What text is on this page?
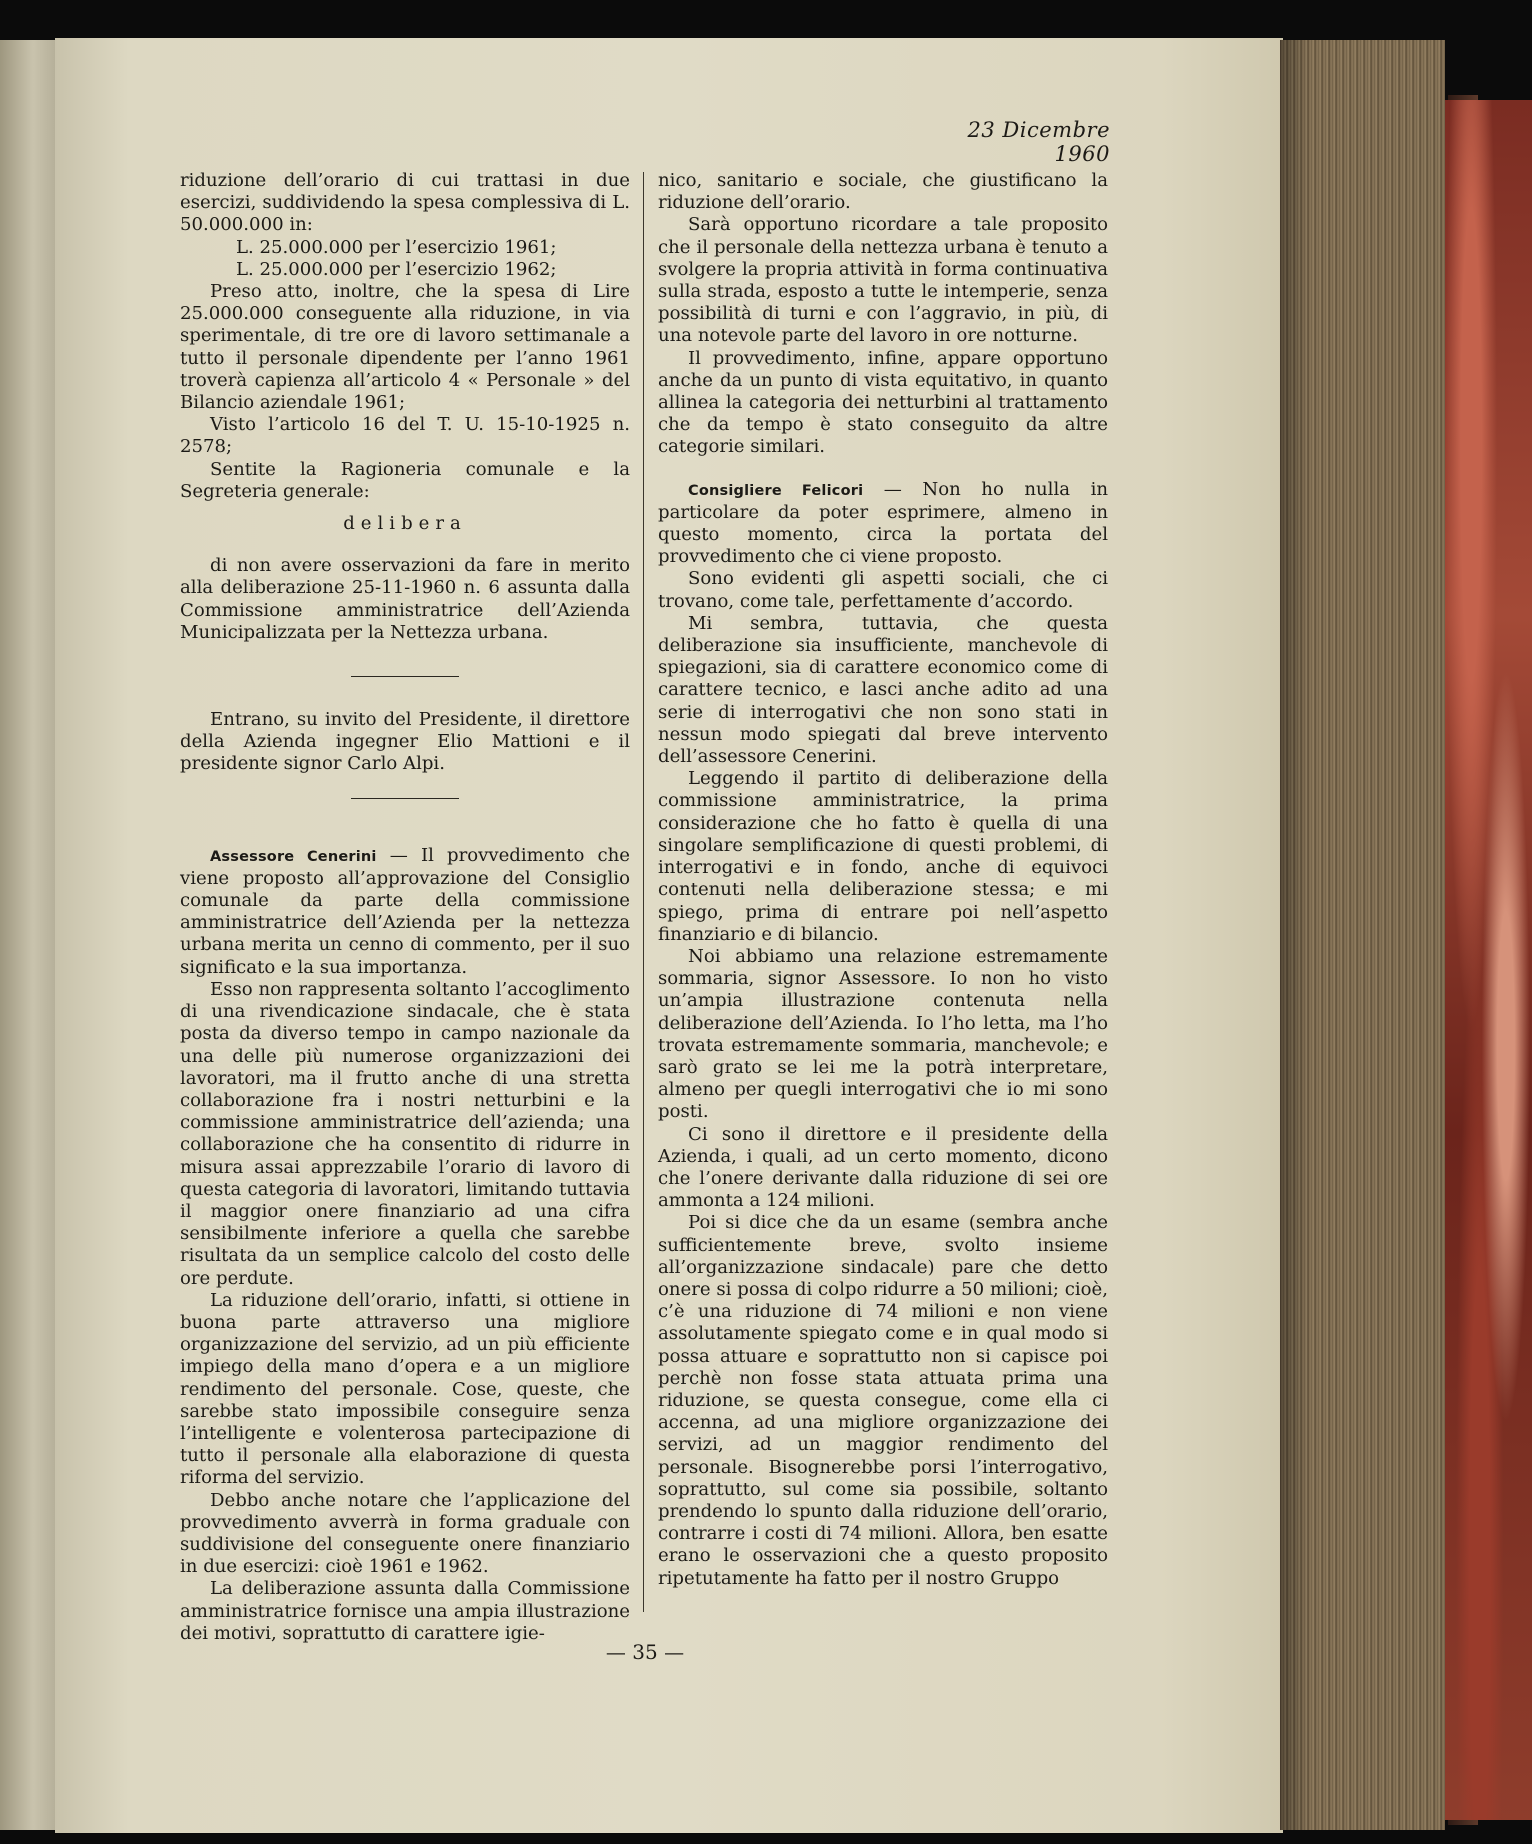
23 Dicembre 1960

riduzione dell’orario di cui trattasi in due esercizi, suddividendo la spesa complessiva di L. 50.000.000 in:

L. 25.000.000 per l’esercizio 1961;

L. 25.000.000 per l’esercizio 1962;

Preso atto, inoltre, che la spesa di Lire 25.000.000 conseguente alla riduzione, in via sperimentale, di tre ore di lavoro settimanale a tutto il personale dipendente per l’anno 1961 troverà capienza all’articolo 4 « Personale » del Bilancio aziendale 1961;

Visto l’articolo 16 del T. U. 15-10-1925 n. 2578;

Sentite la Ragioneria comunale e la Segreteria generale:

delibera

di non avere osservazioni da fare in merito alla deliberazione 25-11-1960 n. 6 assunta dalla Commissione amministratrice dell’Azienda Municipalizzata per la Nettezza urbana.

Entrano, su invito del Presidente, il direttore della Azienda ingegner Elio Mattioni e il presidente signor Carlo Alpi.

Assessore Cenerini — Il provvedimento che viene proposto all’approvazione del Consiglio comunale da parte della commissione amministratrice dell’Azienda per la nettezza urbana merita un cenno di commento, per il suo significato e la sua importanza.

Esso non rappresenta soltanto l’accoglimento di una rivendicazione sindacale, che è stata posta da diverso tempo in campo nazionale da una delle più numerose organizzazioni dei lavoratori, ma il frutto anche di una stretta collaborazione fra i nostri netturbini e la commissione amministratrice dell’azienda; una collaborazione che ha consentito di ridurre in misura assai apprezzabile l’orario di lavoro di questa categoria di lavoratori, limitando tuttavia il maggior onere finanziario ad una cifra sensibilmente inferiore a quella che sarebbe risultata da un semplice calcolo del costo delle ore perdute.

La riduzione dell’orario, infatti, si ottiene in buona parte attraverso una migliore organizzazione del servizio, ad un più efficiente impiego della mano d’opera e a un migliore rendimento del personale. Cose, queste, che sarebbe stato impossibile conseguire senza l’intelligente e volenterosa partecipazione di tutto il personale alla elaborazione di questa riforma del servizio.

Debbo anche notare che l’applicazione del provvedimento avverrà in forma graduale con suddivisione del conseguente onere finanziario in due esercizi: cioè 1961 e 1962.

La deliberazione assunta dalla Commissione amministratrice fornisce una ampia illustrazione dei motivi, soprattutto di carattere igie-

nico, sanitario e sociale, che giustificano la riduzione dell’orario.

Sarà opportuno ricordare a tale proposito che il personale della nettezza urbana è tenuto a svolgere la propria attività in forma continuativa sulla strada, esposto a tutte le intemperie, senza possibilità di turni e con l’aggravio, in più, di una notevole parte del lavoro in ore notturne.

Il provvedimento, infine, appare opportuno anche da un punto di vista equitativo, in quanto allinea la categoria dei netturbini al trattamento che da tempo è stato conseguito da altre categorie similari.

Consigliere Felicori — Non ho nulla in particolare da poter esprimere, almeno in questo momento, circa la portata del provvedimento che ci viene proposto.

Sono evidenti gli aspetti sociali, che ci trovano, come tale, perfettamente d’accordo.

Mi sembra, tuttavia, che questa deliberazione sia insufficiente, manchevole di spiegazioni, sia di carattere economico come di carattere tecnico, e lasci anche adito ad una serie di interrogativi che non sono stati in nessun modo spiegati dal breve intervento dell’assessore Cenerini.

Leggendo il partito di deliberazione della commissione amministratrice, la prima considerazione che ho fatto è quella di una singolare semplificazione di questi problemi, di interrogativi e in fondo, anche di equivoci contenuti nella deliberazione stessa; e mi spiego, prima di entrare poi nell’aspetto finanziario e di bilancio.

Noi abbiamo una relazione estremamente sommaria, signor Assessore. Io non ho visto un’ampia illustrazione contenuta nella deliberazione dell’Azienda. Io l’ho letta, ma l’ho trovata estremamente sommaria, manchevole; e sarò grato se lei me la potrà interpretare, almeno per quegli interrogativi che io mi sono posti.

Ci sono il direttore e il presidente della Azienda, i quali, ad un certo momento, dicono che l’onere derivante dalla riduzione di sei ore ammonta a 124 milioni.

Poi si dice che da un esame (sembra anche sufficientemente breve, svolto insieme all’organizzazione sindacale) pare che detto onere si possa di colpo ridurre a 50 milioni; cioè, c’è una riduzione di 74 milioni e non viene assolutamente spiegato come e in qual modo si possa attuare e soprattutto non si capisce poi perchè non fosse stata attuata prima una riduzione, se questa consegue, come ella ci accenna, ad una migliore organizzazione dei servizi, ad un maggior rendimento del personale. Bisognerebbe porsi l’interrogativo, soprattutto, sul come sia possibile, soltanto prendendo lo spunto dalla riduzione dell’orario, contrarre i costi di 74 milioni. Allora, ben esatte erano le osservazioni che a questo proposito ripetutamente ha fatto per il nostro Gruppo

— 35 —
